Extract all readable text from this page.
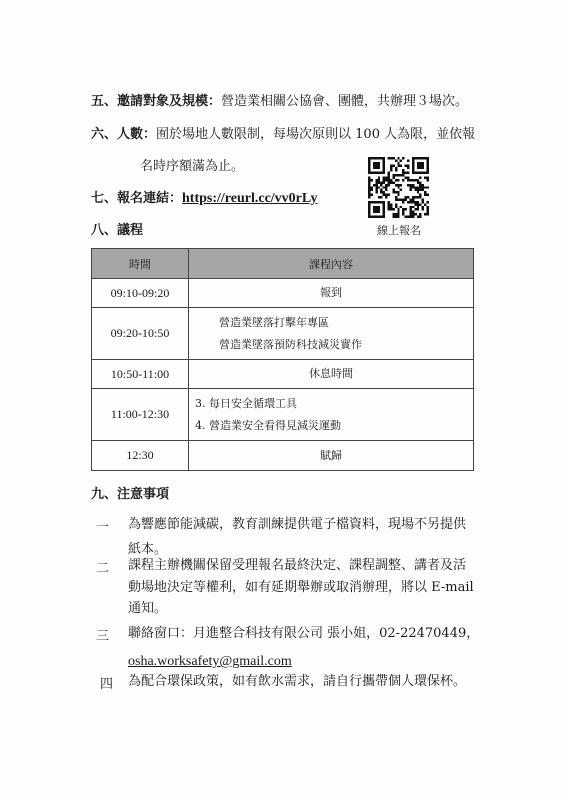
五、邀請對象及規模：營造業相關公協會、團體，共辦理３場次。
六、人數：囿於場地人數限制，每場次原則以 100 人為限，並依報
名時序額滿為止。
線上報名
七、報名連結：https://reurl.cc/vv0rLy
八、議程
時間	課程內容
09:10-09:20	報到
09:20-10:50	營造業墜落打擊年專區
營造業墜落預防科技減災實作

10:50-11:00	休息時間
11:00-12:30	3. 每日安全循環工具
4. 營造業安全看得見減災運動

12:30	賦歸
九、注意事項
一 為響應節能減碳，教育訓練提供電子檔資料，現場不另提供
紙本。
二 課程主辦機關保留受理報名最終決定、課程調整、講者及活
動場地決定等權利，如有延期舉辦或取消辦理，將以 E-mail
通知。
三 聯絡窗口：月進整合科技有限公司 張小姐，02-22470449，
osha.worksafety@gmail.com
四 為配合環保政策，如有飲水需求，請自行攜帶個人環保杯。
